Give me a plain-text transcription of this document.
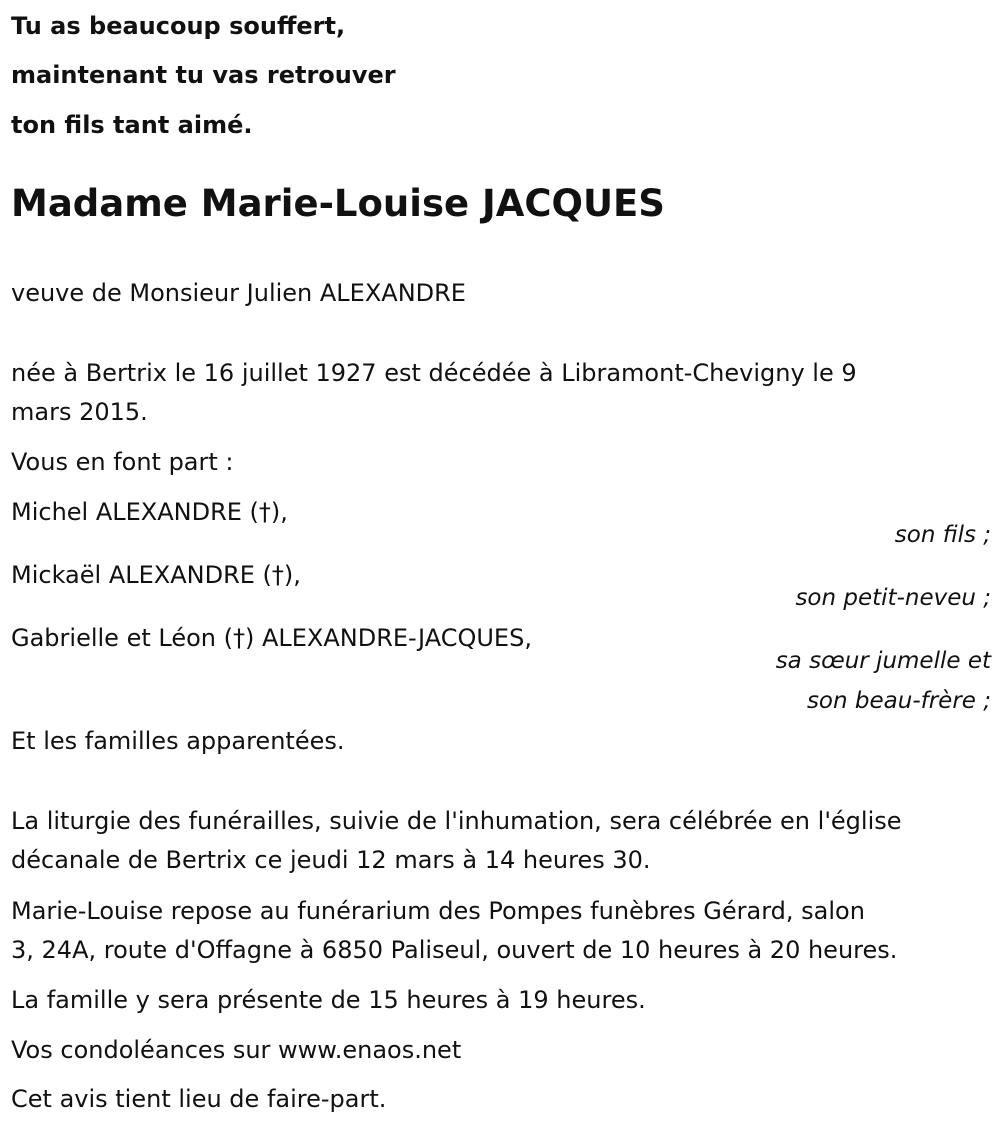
Tu as beaucoup souffert,
maintenant tu vas retrouver
ton fils tant aimé.
Madame Marie-Louise JACQUES
veuve de Monsieur Julien ALEXANDRE
née à Bertrix le 16 juillet 1927 est décédée à Libramont-Chevigny le 9
mars 2015.
Vous en font part :
Michel ALEXANDRE (†),
son fils ;
Mickaël ALEXANDRE (†),
son petit-neveu ;
Gabrielle et Léon (†) ALEXANDRE-JACQUES,
sa sœur jumelle et
son beau-frère ;
Et les familles apparentées.
La liturgie des funérailles, suivie de l'inhumation, sera célébrée en l'église
décanale de Bertrix ce jeudi 12 mars à 14 heures 30.
Marie-Louise repose au funérarium des Pompes funèbres Gérard, salon
3, 24A, route d'Offagne à 6850 Paliseul, ouvert de 10 heures à 20 heures.
La famille y sera présente de 15 heures à 19 heures.
Vos condoléances sur www.enaos.net
Cet avis tient lieu de faire-part.
